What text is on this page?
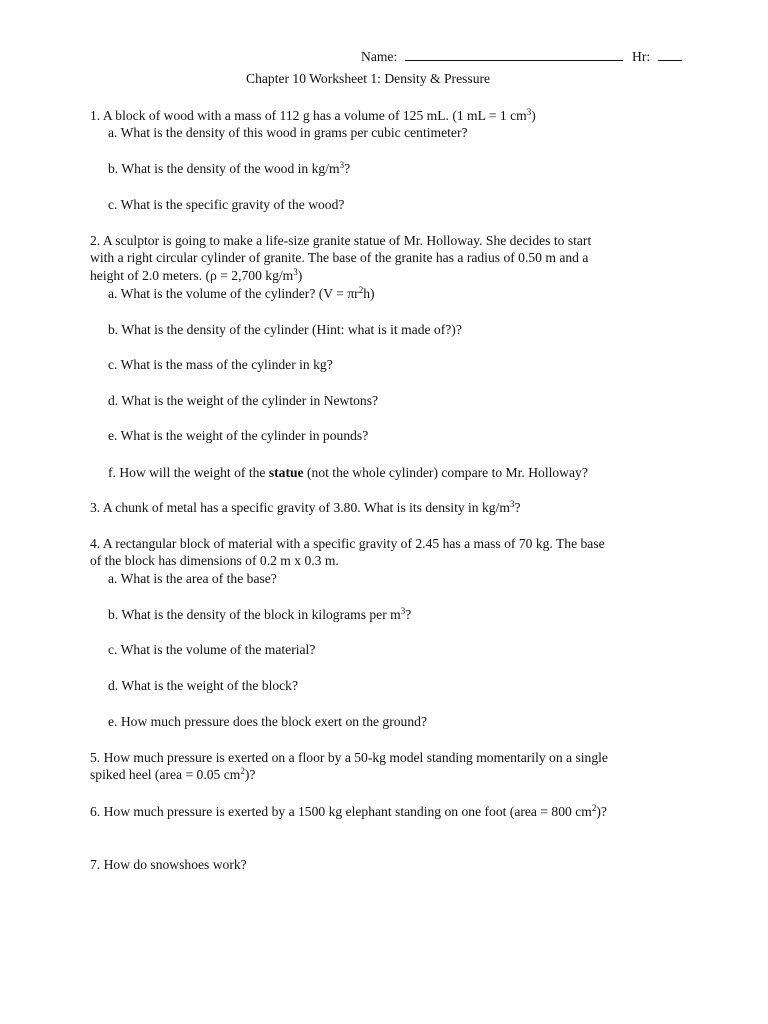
Name:	Hr:
Chapter 10 Worksheet 1: Density & Pressure
1. A block of wood with a mass of 112 g has a volume of 125 mL. (1 mL = 1 $cm^3$)
a. What is the density of this wood in grams per cubic centimeter?
b. What is the density of the wood in $kg/m^3$?
c. What is the specific gravity of the wood?
2. A sculptor is going to make a life-size granite statue of Mr. Holloway. She decides to start
with a right circular cylinder of granite. The base of the granite has a radius of 0.50 m and a
height of 2.0 meters. (ρ = 2,700 $kg/m^3$)
a. What is the volume of the cylinder? $(V = \pi r^2h)$
b. What is the density of the cylinder (Hint: what is it made of?)?
c. What is the mass of the cylinder in kg?
d. What is the weight of the cylinder in Newtons?
e. What is the weight of the cylinder in pounds?
f. How will the weight of the statue (not the whole cylinder) compare to Mr. Holloway?
3. A chunk of metal has a specific gravity of 3.80. What is its density in $kg/m^3$?
4. A rectangular block of material with a specific gravity of 2.45 has a mass of 70 kg. The base
of the block has dimensions of 0.2 m x 0.3 m.
a. What is the area of the base?
b. What is the density of the block in kilograms per $m^3$?
c. What is the volume of the material?
d. What is the weight of the block?
e. How much pressure does the block exert on the ground?
5. How much pressure is exerted on a floor by a 50-kg model standing momentarily on a single
spiked heel (area = 0.05 $cm^2$)?
6. How much pressure is exerted by a 1500 kg elephant standing on one foot (area = 800 $cm^2$)?
7. How do snowshoes work?
